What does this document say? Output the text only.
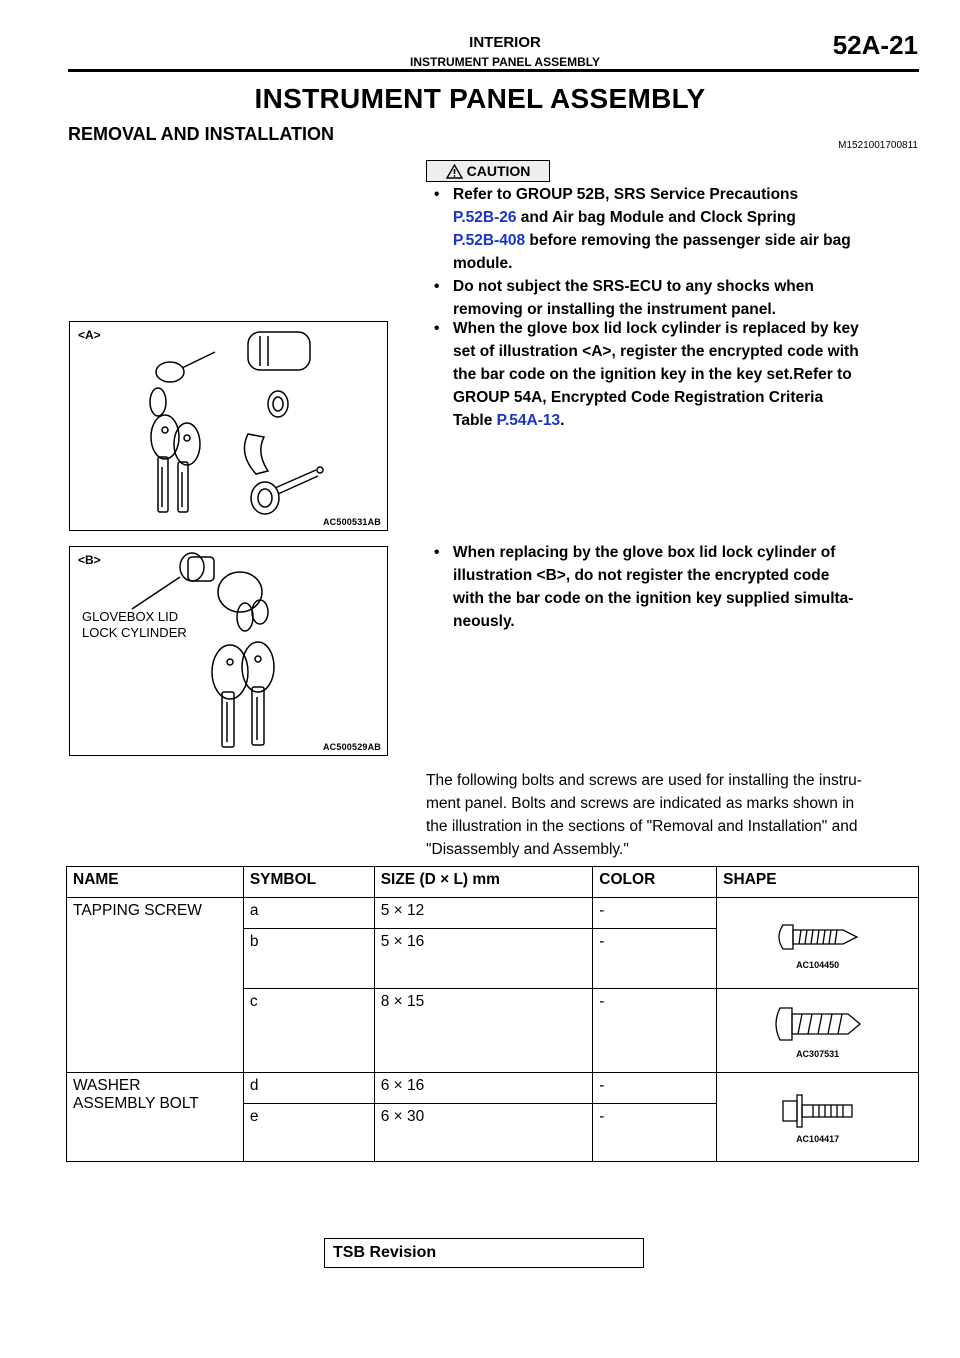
INTERIOR
INSTRUMENT PANEL ASSEMBLY
52A-21
INSTRUMENT PANEL ASSEMBLY
REMOVAL AND INSTALLATION
M1521001700811
CAUTION
• Refer to GROUP 52B, SRS Service Precautions
P.52B-26 and Air bag Module and Clock Spring
P.52B-408 before removing the passenger side air bag
module.
• Do not subject the SRS-ECU to any shocks when
removing or installing the instrument panel.
• When the glove box lid lock cylinder is replaced by key
set of illustration <A>, register the encrypted code with
the bar code on the ignition key in the key set.Refer to
GROUP 54A, Encrypted Code Registration Criteria
Table P.54A-13.
• When replacing by the glove box lid lock cylinder of
illustration <B>, do not register the encrypted code
with the bar code on the ignition key supplied simulta-
neously.
<A>
AC500531AB
<B>
GLOVEBOX LID
LOCK CYLINDER
AC500529AB
The following bolts and screws are used for installing the instru-
ment panel. Bolts and screws are indicated as marks shown in
the illustration in the sections of "Removal and Installation" and
"Disassembly and Assembly."
NAME	SYMBOL	SIZE (D × L) mm	COLOR	SHAPE
TAPPING SCREW	a	5 × 12	-	AC104450

	b	5 × 16	-	
	c	8 × 15	-	AC307531

WASHER
ASSEMBLY BOLT	d	6 × 16	-	AC104417

	e	6 × 30	-	
TSB Revision
